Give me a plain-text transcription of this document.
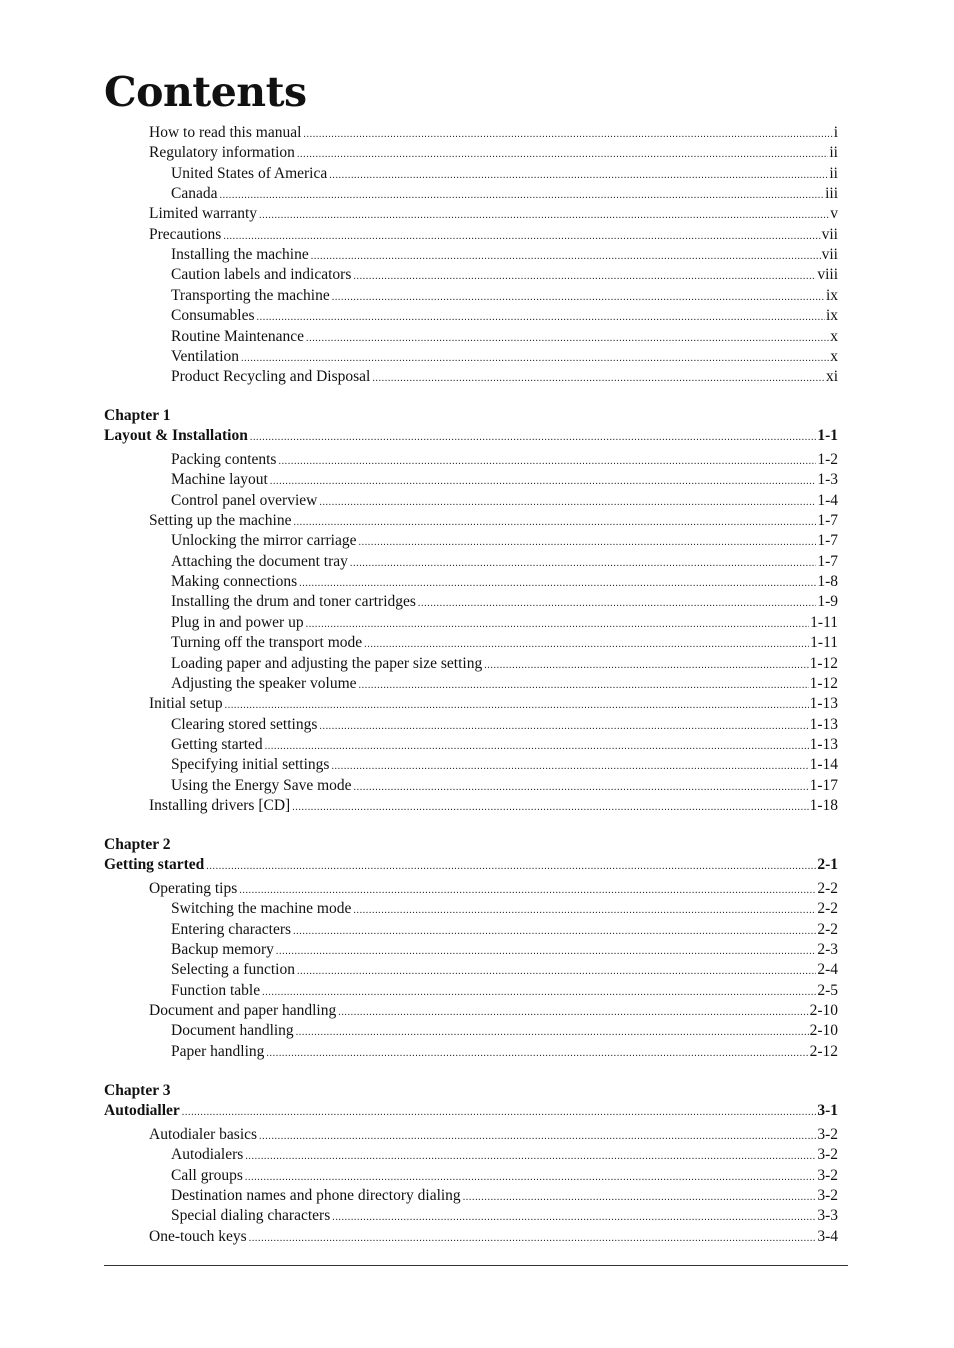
Contents
How to read this manual .....	i
Regulatory information .....	ii
United States of America .....	ii
Canada .....	iii
Limited warranty .....	v
Precautions .....	vii
Installing the machine .....	vii
Caution labels and indicators .....	viii
Transporting the machine .....	ix
Consumables .....	ix
Routine Maintenance .....	x
Ventilation .....	x
Product Recycling and Disposal .....	xi
Chapter 1
Layout & Installation .....	1-1
Packing contents .....	1-2
Machine layout .....	1-3
Control panel overview .....	1-4
Setting up the machine .....	1-7
Unlocking the mirror carriage .....	1-7
Attaching the document tray .....	1-7
Making connections .....	1-8
Installing the drum and toner cartridges .....	1-9
Plug in and power up .....	1-11
Turning off the transport mode .....	1-11
Loading paper and adjusting the paper size setting .....	1-12
Adjusting the speaker volume .....	1-12
Initial setup .....	1-13
Clearing stored settings .....	1-13
Getting started .....	1-13
Specifying initial settings .....	1-14
Using the Energy Save mode .....	1-17
Installing drivers [CD] .....	1-18
Chapter 2
Getting started .....	2-1
Operating tips .....	2-2
Switching the machine mode .....	2-2
Entering characters .....	2-2
Backup memory .....	2-3
Selecting a function .....	2-4
Function table .....	2-5
Document and paper handling .....	2-10
Document handling .....	2-10
Paper handling .....	2-12
Chapter 3
Autodialler .....	3-1
Autodialer basics .....	3-2
Autodialers .....	3-2
Call groups .....	3-2
Destination names and phone directory dialing .....	3-2
Special dialing characters .....	3-3
One-touch keys .....	3-4
